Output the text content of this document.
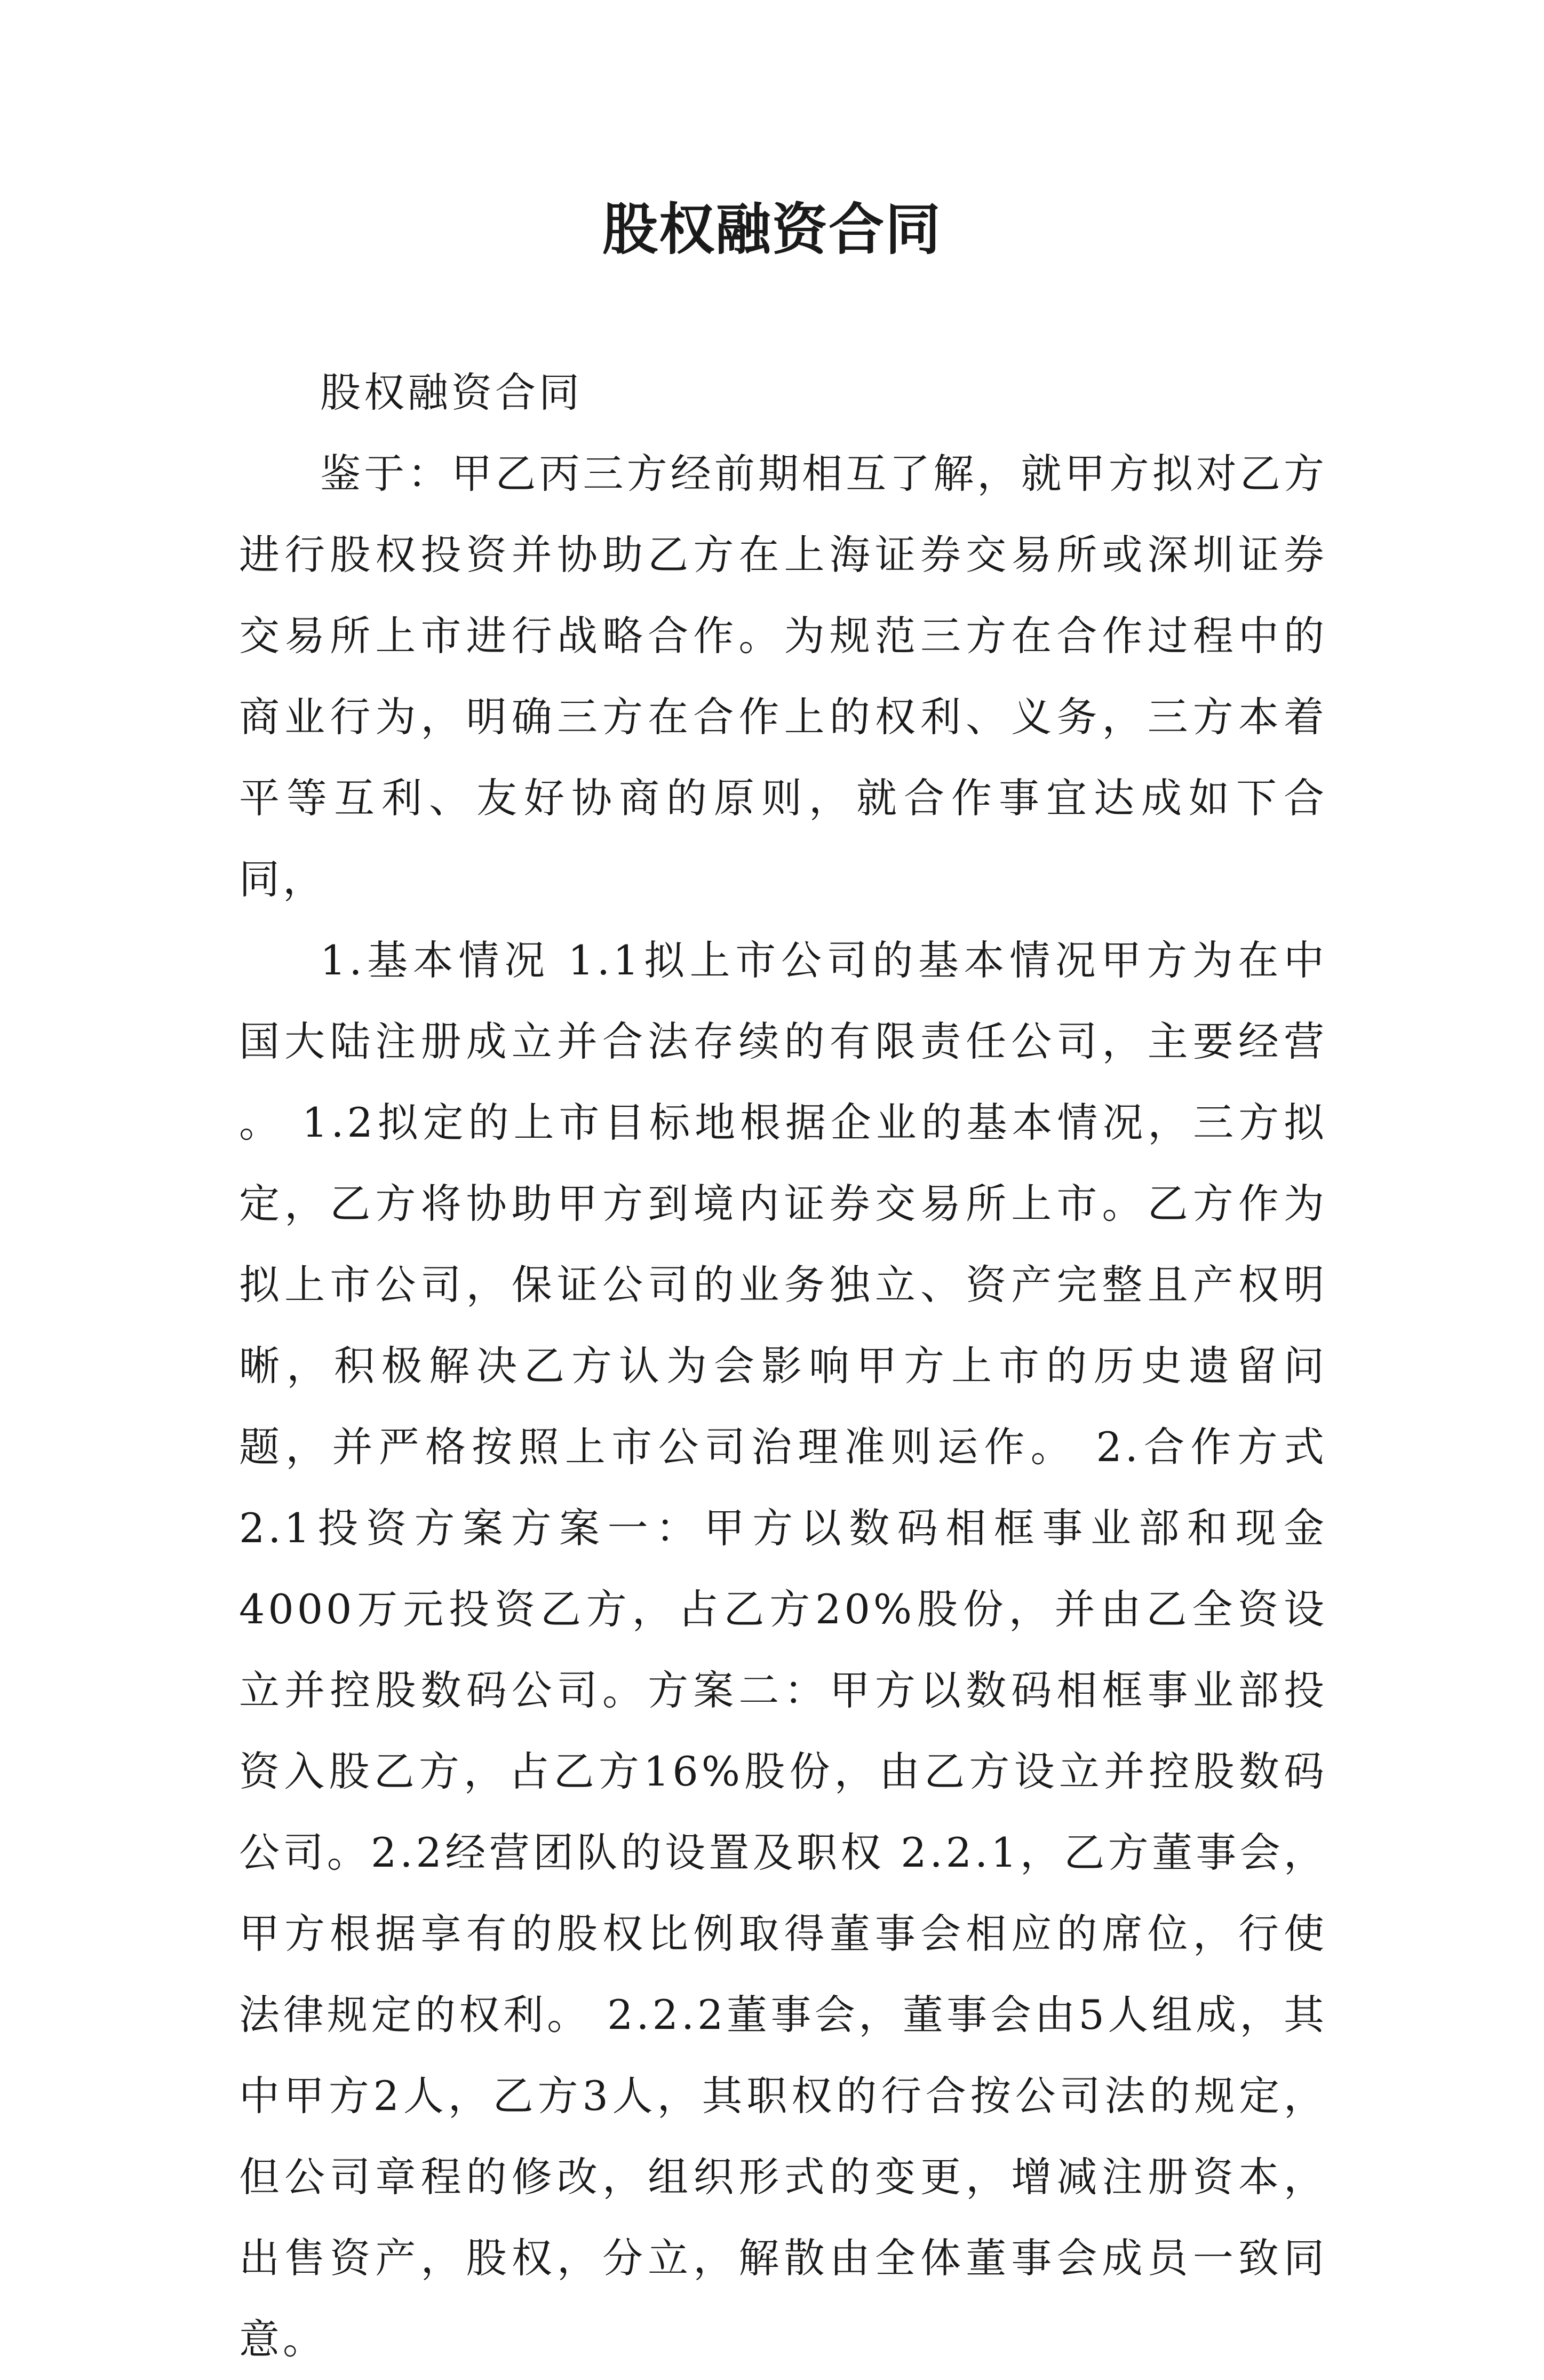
股权融资合同

股权融资合同

鉴于：甲乙丙三方经前期相互了解，就甲方拟对乙方进行股权投资并协助乙方在上海证券交易所或深圳证券交易所上市进行战略合作。为规范三方在合作过程中的商业行为，明确三方在合作上的权利、义务，三方本着平等互利、友好协商的原则，就合作事宜达成如下合同，

1.基本情况 1.1拟上市公司的基本情况甲方为在中国大陆注册成立并合法存续的有限责任公司，主要经营 。 1.2拟定的上市目标地根据企业的基本情况，三方拟定，乙方将协助甲方到境内证券交易所上市。乙方作为拟上市公司，保证公司的业务独立、资产完整且产权明晰，积极解决乙方认为会影响甲方上市的历史遗留问题，并严格按照上市公司治理准则运作。 2.合作方式 2.1投资方案方案一：甲方以数码相框事业部和现金4000万元投资乙方，占乙方20%股份，并由乙全资设立并控股数码公司。方案二：甲方以数码相框事业部投资入股乙方，占乙方16%股份，由乙方设立并控股数码公司。2.2经营团队的设置及职权 2.2.1，乙方董事会，甲方根据享有的股权比例取得董事会相应的席位，行使法律规定的权利。 2.2.2董事会，董事会由5人组成，其中甲方2人，乙方3人，其职权的行合按公司法的规定，但公司章程的修改，组织形式的变更，增减注册资本，出售资产，股权，分立，解散由全体董事会成员一致同意。
